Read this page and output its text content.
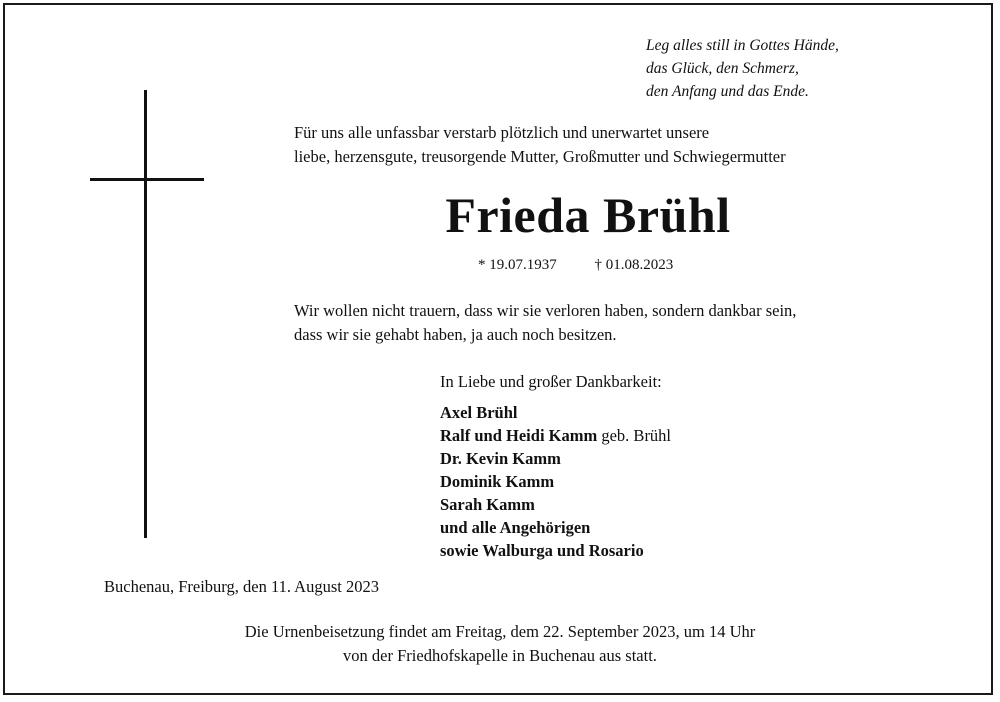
Leg alles still in Gottes Hände,
das Glück, den Schmerz,
den Anfang und das Ende.
Für uns alle unfassbar verstarb plötzlich und unerwartet unsere
liebe, herzensgute, treusorgende Mutter, Großmutter und Schwiegermutter
Frieda Brühl
* 19.07.1937	† 01.08.2023
Wir wollen nicht trauern, dass wir sie verloren haben, sondern dankbar sein,
dass wir sie gehabt haben, ja auch noch besitzen.
In Liebe und großer Dankbarkeit:
Axel Brühl
Ralf und Heidi Kamm geb. Brühl
Dr. Kevin Kamm
Dominik Kamm
Sarah Kamm
und alle Angehörigen
sowie Walburga und Rosario
Buchenau, Freiburg, den 11. August 2023
Die Urnenbeisetzung findet am Freitag, dem 22. September 2023, um 14 Uhr
von der Friedhofskapelle in Buchenau aus statt.
